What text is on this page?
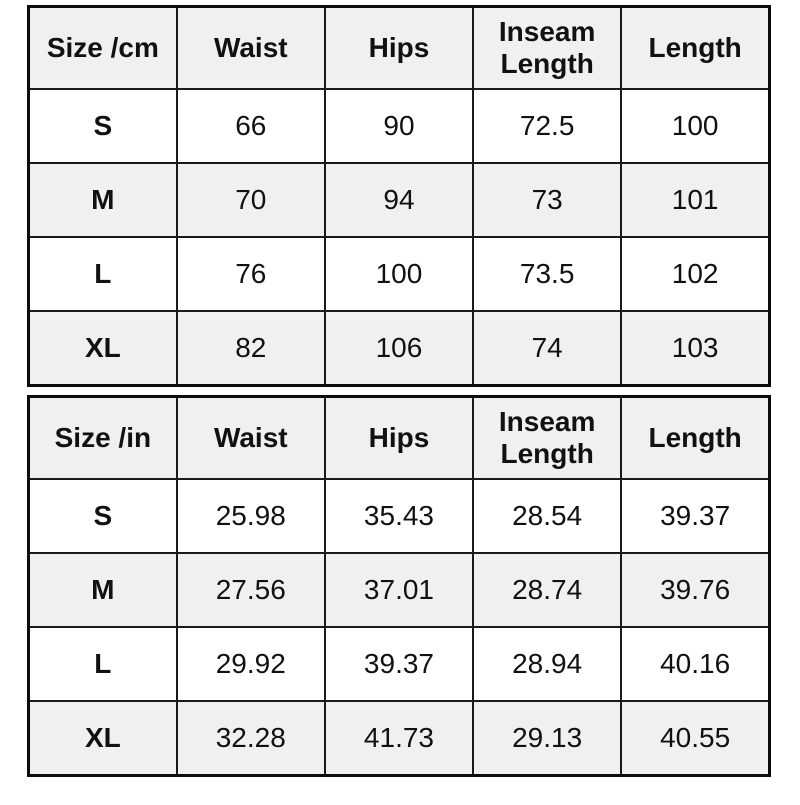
Size /cm	Waist	Hips	Inseam Length	Length
S	66	90	72.5	100
M	70	94	73	101
L	76	100	73.5	102
XL	82	106	74	103
Size /in	Waist	Hips	Inseam Length	Length
S	25.98	35.43	28.54	39.37
M	27.56	37.01	28.74	39.76
L	29.92	39.37	28.94	40.16
XL	32.28	41.73	29.13	40.55
